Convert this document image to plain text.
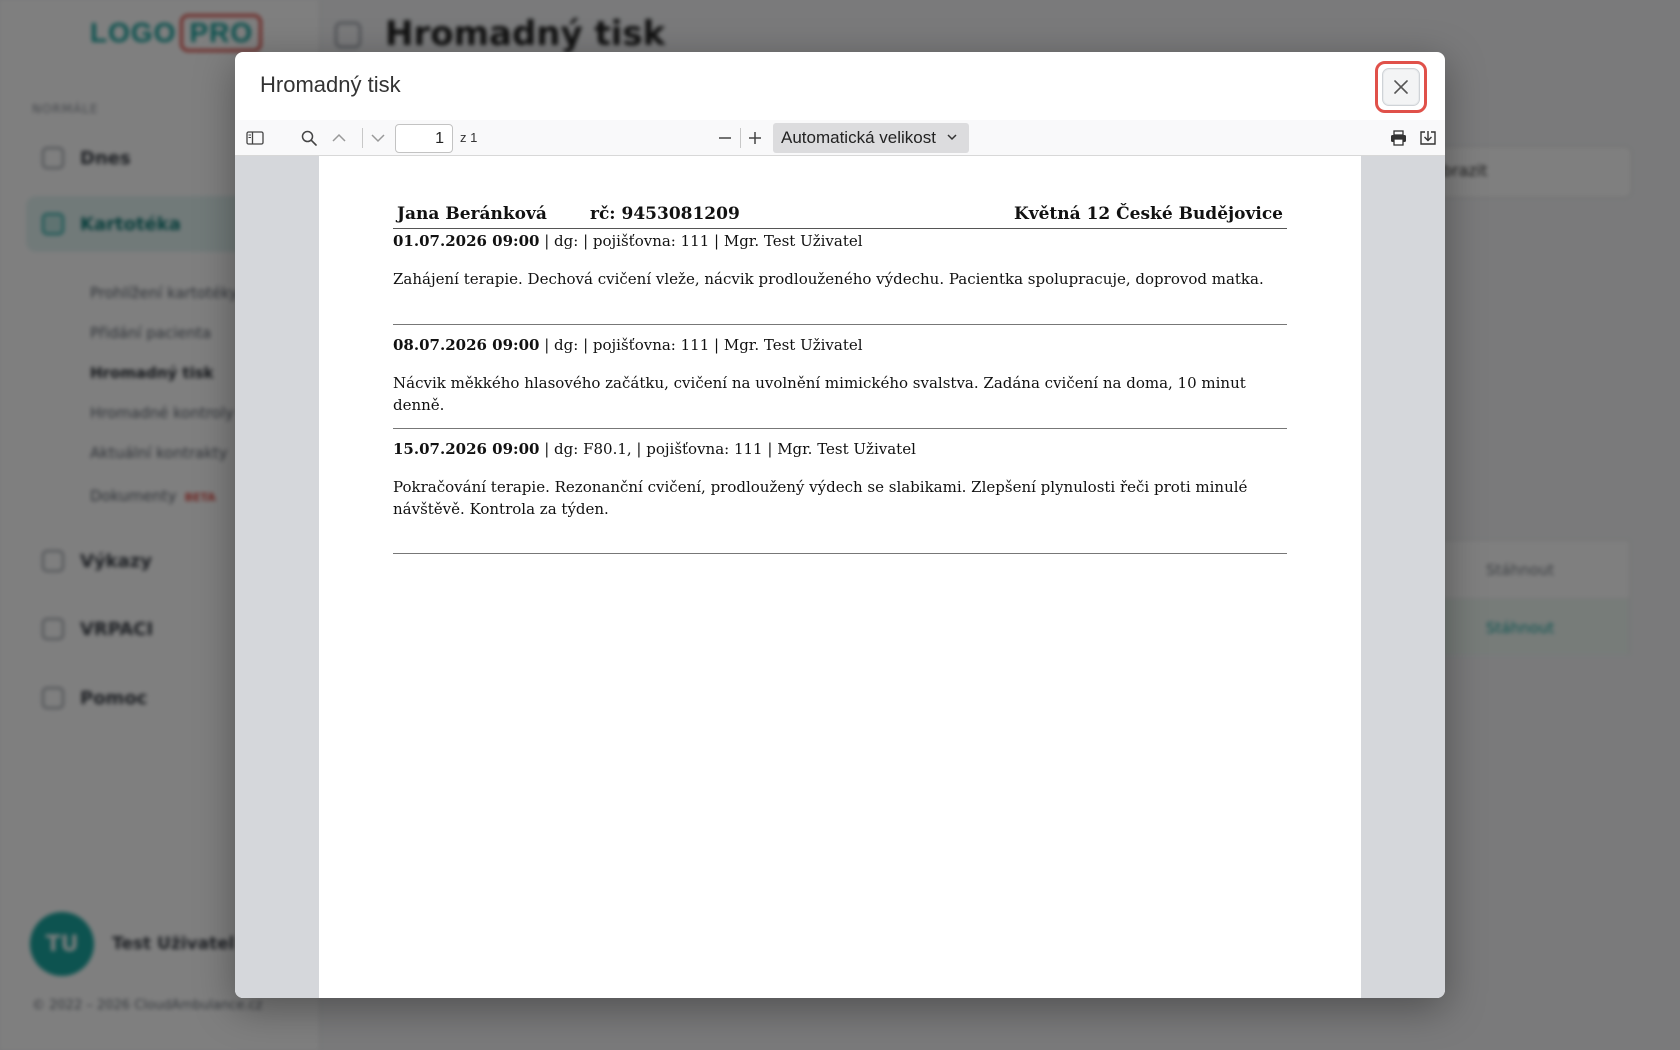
Hromadný tisk
1
z 1	Automatická velikost
Jana Beránková	rč: 9453081209	Květná 12 České Budějovice
01.07.2026 09:00 | dg: | pojišťovna: 111 | Mgr. Test Uživatel
Zahájení terapie. Dechová cvičení vleže, nácvik prodlouženého výdechu. Pacientka spolupracuje, doprovod matka.
08.07.2026 09:00 | dg: | pojišťovna: 111 | Mgr. Test Uživatel
Nácvik měkkého hlasového začátku, cvičení na uvolnění mimického svalstva. Zadána cvičení na doma, 10 minut denně.
15.07.2026 09:00 | dg: F80.1, | pojišťovna: 111 | Mgr. Test Uživatel
Pokračování terapie. Rezonanční cvičení, prodloužený výdech se slabikami. Zlepšení plynulosti řeči proti minulé návštěvě. Kontrola za týden.
